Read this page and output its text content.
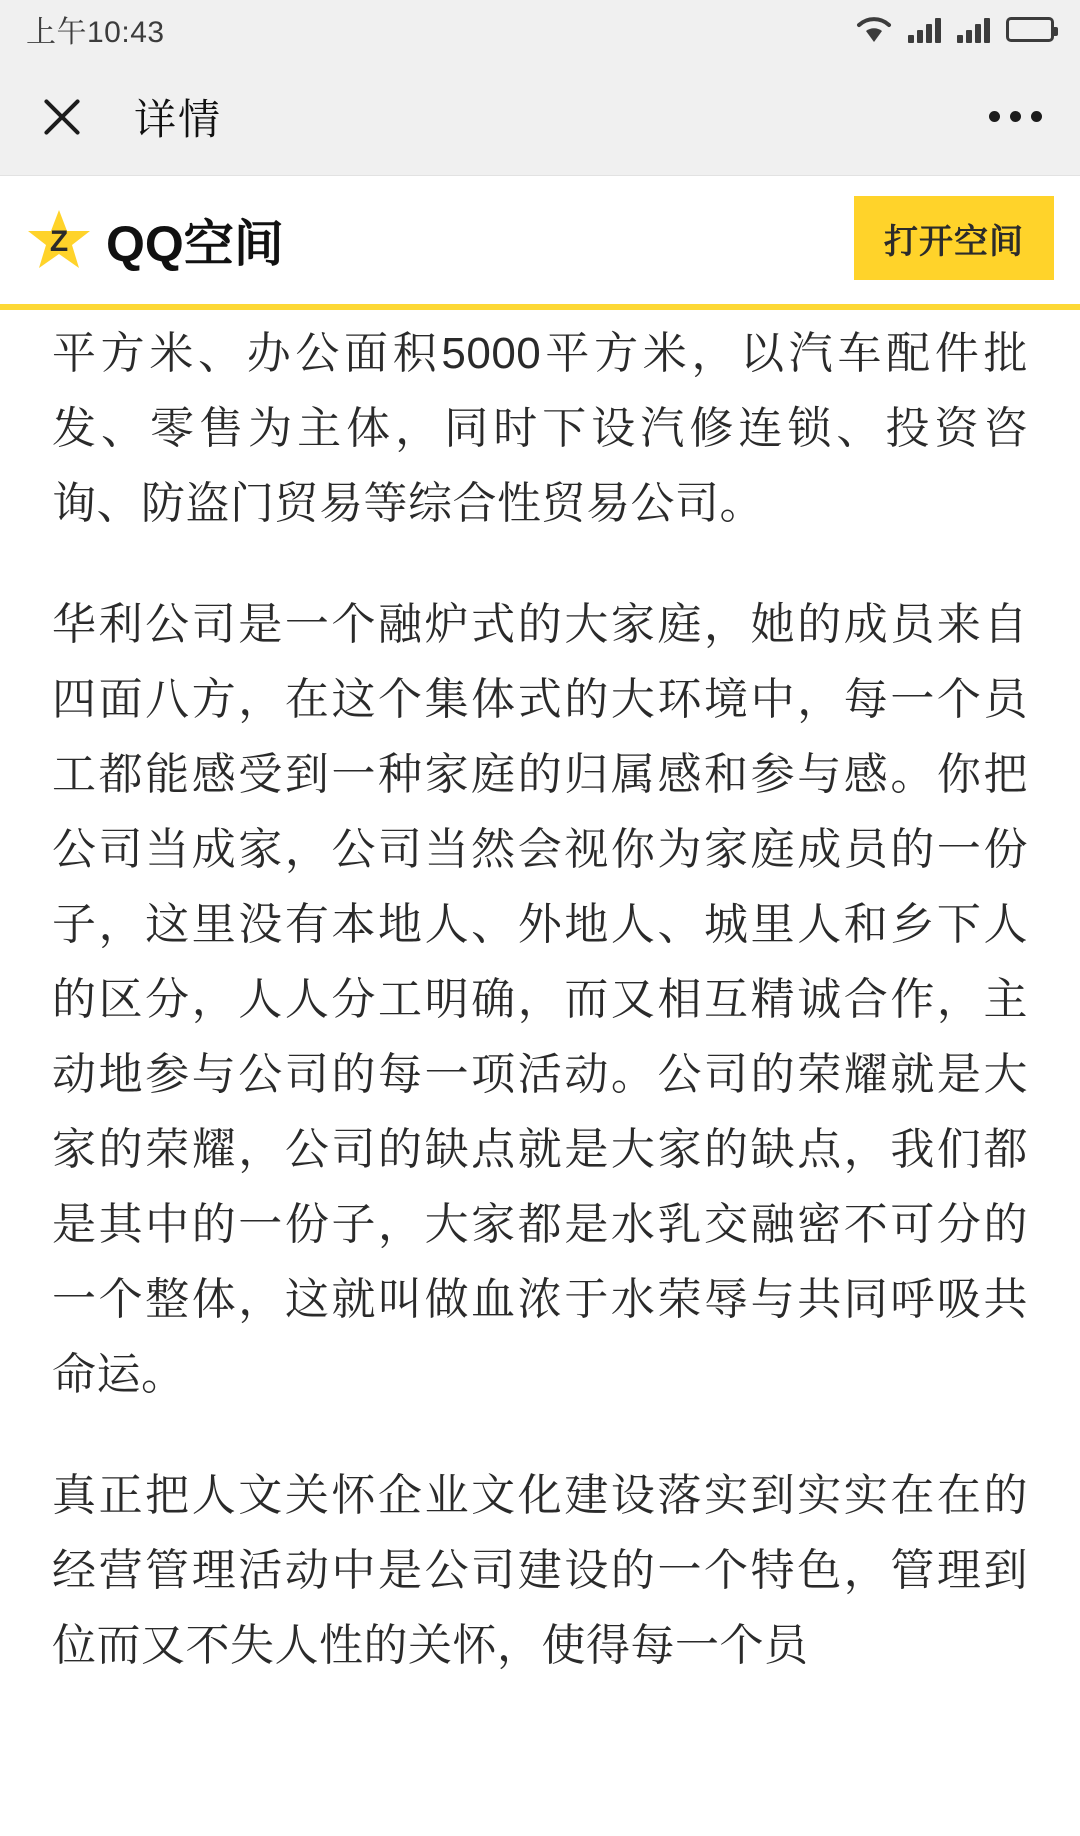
上午10:43
详情
Z QQ空间	打开空间

平方米、办公面积5000平方米，以汽车配件批发、零售为主体，同时下设汽修连锁、投资咨询、防盗门贸易等综合性贸易公司。

华利公司是一个融炉式的大家庭，她的成员来自四面八方，在这个集体式的大环境中，每一个员工都能感受到一种家庭的归属感和参与感。你把公司当成家，公司当然会视你为家庭成员的一份子，这里没有本地人、外地人、城里人和乡下人的区分，人人分工明确，而又相互精诚合作，主动地参与公司的每一项活动。公司的荣耀就是大家的荣耀，公司的缺点就是大家的缺点，我们都是其中的一份子，大家都是水乳交融密不可分的一个整体，这就叫做血浓于水荣辱与共同呼吸共命运。

真正把人文关怀企业文化建设落实到实实在在的经营管理活动中是公司建设的一个特色，管理到位而又不失人性的关怀，使得每一个员
